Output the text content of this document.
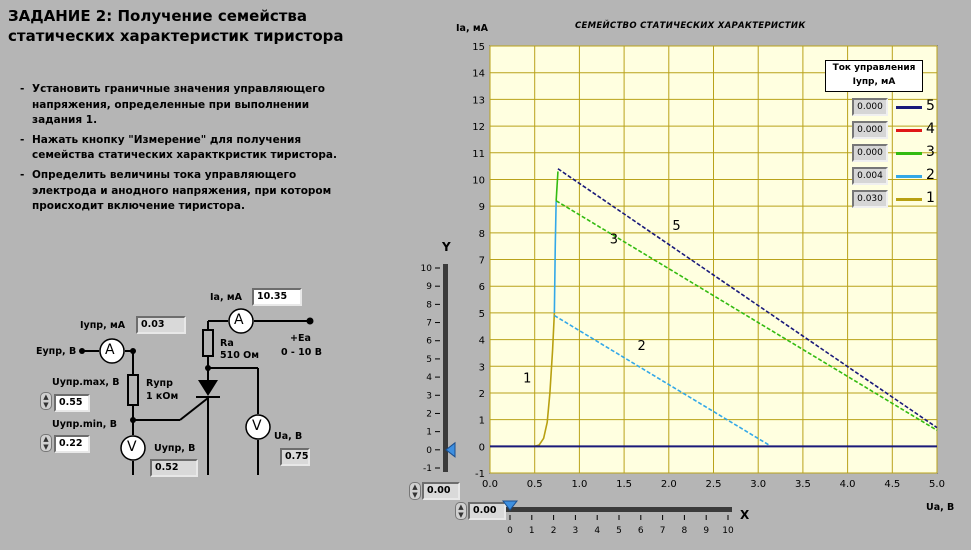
ЗАДАНИЕ 2: Получение семейства
статических характеристик тиристора
- Установить граничные значения управляющего напряжения, определенные при выполнении задания 1.
- Нажать кнопку "Измерение" для получения семейства статических характкристик тиристора.
- Определить величины тока управляющего электрода и анодного напряжения, при котором происходит включение тиристора.
A
A
V
V
Ia, мА	10.35
Iупр, мА	0.03
Eупр, В
+Ea
0 - 10 В
Ra
510 Ом
Uупр.max, В
▲
▼	0.55
Rупр
1 кОм
Uупр.min, В
▲
▼	0.22	Uупр, В
0.52
Ua, В
0.75
Y
10
9
8
7
6
5
4
3
2
1
0
-1
▲
▼ 0.00
▲
▼ 0.00
0 1 2 3 4 5 6 7 8 9 10
X
СЕМЕЙСТВО СТАТИЧЕСКИХ ХАРАКТЕРИСТИК
Ia, мА
Ua, В
0.0	0.5	1.0	1.5	2.0	2.5	3.0	3.5	4.0	4.5	5.0
-1
0
1
2
3
4
5
6
7
8
9
10
11
12
13
14
15
1
2
3
5
Ток управления
Iупр, мА
0.000	5
0.000	4
0.000	3
0.004	2
0.030	1
